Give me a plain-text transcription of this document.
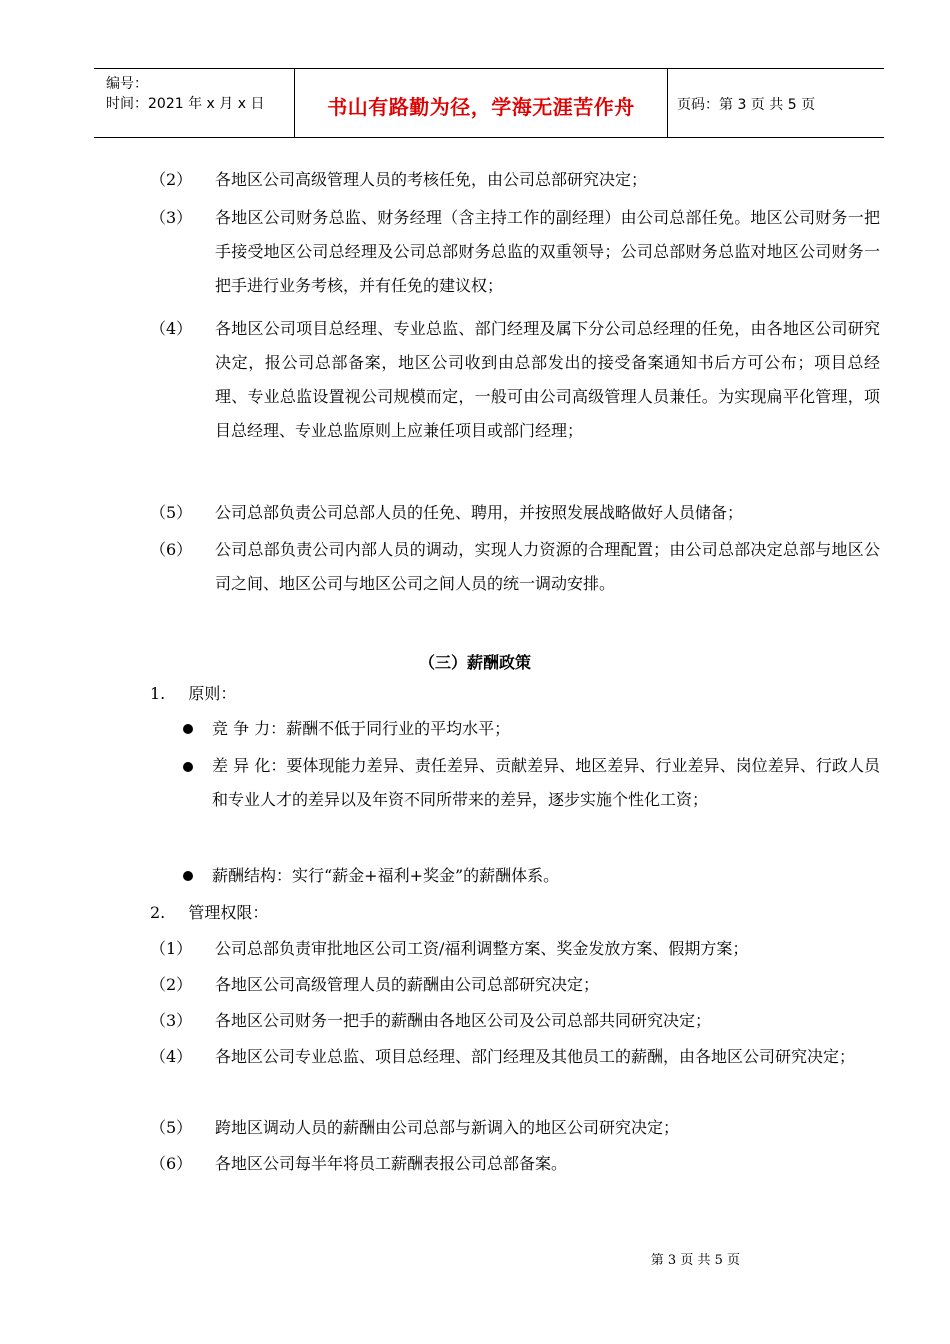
编号：
时间：2021 年 x 月 x 日	书山有路勤为径，学海无涯苦作舟	页码：第 3 页 共 5 页
（2）	各地区公司高级管理人员的考核任免，由公司总部研究决定；
（3）	各地区公司财务总监、财务经理（含主持工作的副经理）由公司总部任免。地区公司财务一把手接受地区公司总经理及公司总部财务总监的双重领导；公司总部财务总监对地区公司财务一把手进行业务考核，并有任免的建议权；
（4）	各地区公司项目总经理、专业总监、部门经理及属下分公司总经理的任免，由各地区公司研究决定，报公司总部备案，地区公司收到由总部发出的接受备案通知书后方可公布；项目总经理、专业总监设置视公司规模而定，一般可由公司高级管理人员兼任。为实现扁平化管理，项目总经理、专业总监原则上应兼任项目或部门经理；
（5）	公司总部负责公司总部人员的任免、聘用，并按照发展战略做好人员储备；
（6）	公司总部负责公司内部人员的调动，实现人力资源的合理配置；由公司总部决定总部与地区公司之间、地区公司与地区公司之间人员的统一调动安排。
（三）薪酬政策
1. 原则：
竞 争 力：薪酬不低于同行业的平均水平；
差 异 化：要体现能力差异、责任差异、贡献差异、地区差异、行业差异、岗位差异、行政人员和专业人才的差异以及年资不同所带来的差异，逐步实施个性化工资；
薪酬结构：实行“薪金+福利+奖金”的薪酬体系。
2. 管理权限：
（1）	公司总部负责审批地区公司工资/福利调整方案、奖金发放方案、假期方案；
（2）	各地区公司高级管理人员的薪酬由公司总部研究决定；
（3）	各地区公司财务一把手的薪酬由各地区公司及公司总部共同研究决定；
（4）	各地区公司专业总监、项目总经理、部门经理及其他员工的薪酬，由各地区公司研究决定；
（5）	跨地区调动人员的薪酬由公司总部与新调入的地区公司研究决定；
（6）	各地区公司每半年将员工薪酬表报公司总部备案。
第 3 页 共 5 页
